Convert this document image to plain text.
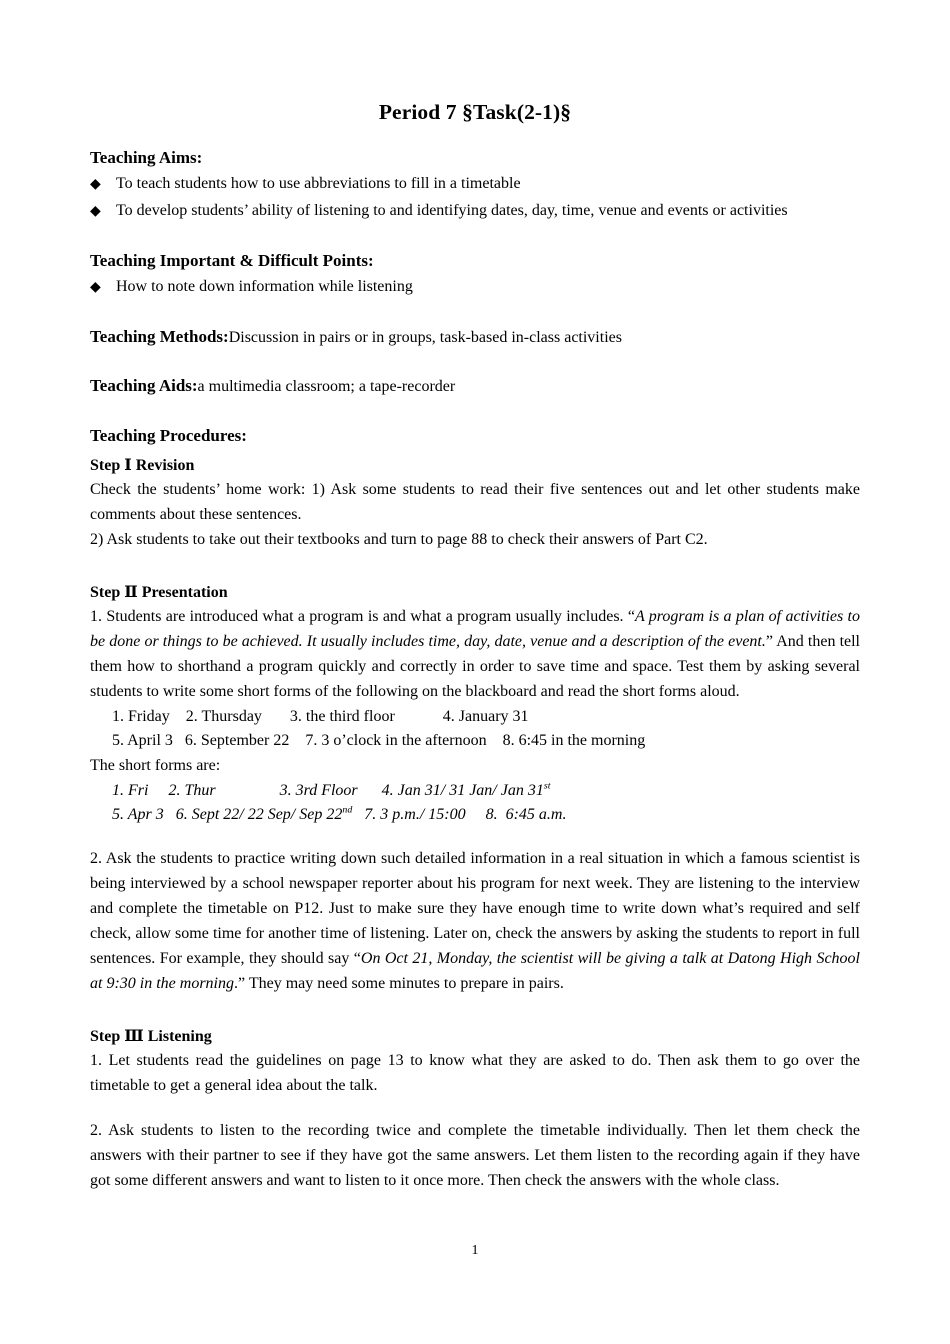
Period 7 §Task(2-1)§
Teaching Aims:
◆ To teach students how to use abbreviations to fill in a timetable
◆ To develop students’ ability of listening to and identifying dates, day, time, venue and events or activities
Teaching Important & Difficult Points:
◆ How to note down information while listening
Teaching Methods:Discussion in pairs or in groups, task-based in-class activities
Teaching Aids:a multimedia classroom; a tape-recorder
Teaching Procedures:
Step Ⅰ Revision
Check the students’ home work: 1) Ask some students to read their five sentences out and let other students make comments about these sentences.
2) Ask students to take out their textbooks and turn to page 88 to check their answers of Part C2.
Step Ⅱ Presentation
1. Students are introduced what a program is and what a program usually includes. “A program is a plan of activities to be done or things to be achieved. It usually includes time, day, date, venue and a description of the event.” And then tell them how to shorthand a program quickly and correctly in order to save time and space. Test them by asking several students to write some short forms of the following on the blackboard and read the short forms aloud.
1. Friday    2. Thursday       3. the third floor            4. January 31
5. April 3   6. September 22    7. 3 o’clock in the afternoon    8. 6:45 in the morning
The short forms are:
1. Fri     2. Thur                3. 3rd Floor      4. Jan 31/ 31 Jan/ Jan 31st
5. Apr 3   6. Sept 22/ 22 Sep/ Sep 22nd   7. 3 p.m./ 15:00     8.  6:45 a.m.
2. Ask the students to practice writing down such detailed information in a real situation in which a famous scientist is being interviewed by a school newspaper reporter about his program for next week. They are listening to the interview and complete the timetable on P12. Just to make sure they have enough time to write down what’s required and self check, allow some time for another time of listening. Later on, check the answers by asking the students to report in full sentences. For example, they should say “On Oct 21, Monday, the scientist will be giving a talk at Datong High School at 9:30 in the morning.” They may need some minutes to prepare in pairs.
Step Ⅲ Listening
1. Let students read the guidelines on page 13 to know what they are asked to do. Then ask them to go over the timetable to get a general idea about the talk.
2. Ask students to listen to the recording twice and complete the timetable individually. Then let them check the answers with their partner to see if they have got the same answers. Let them listen to the recording again if they have got some different answers and want to listen to it once more. Then check the answers with the whole class.
1
